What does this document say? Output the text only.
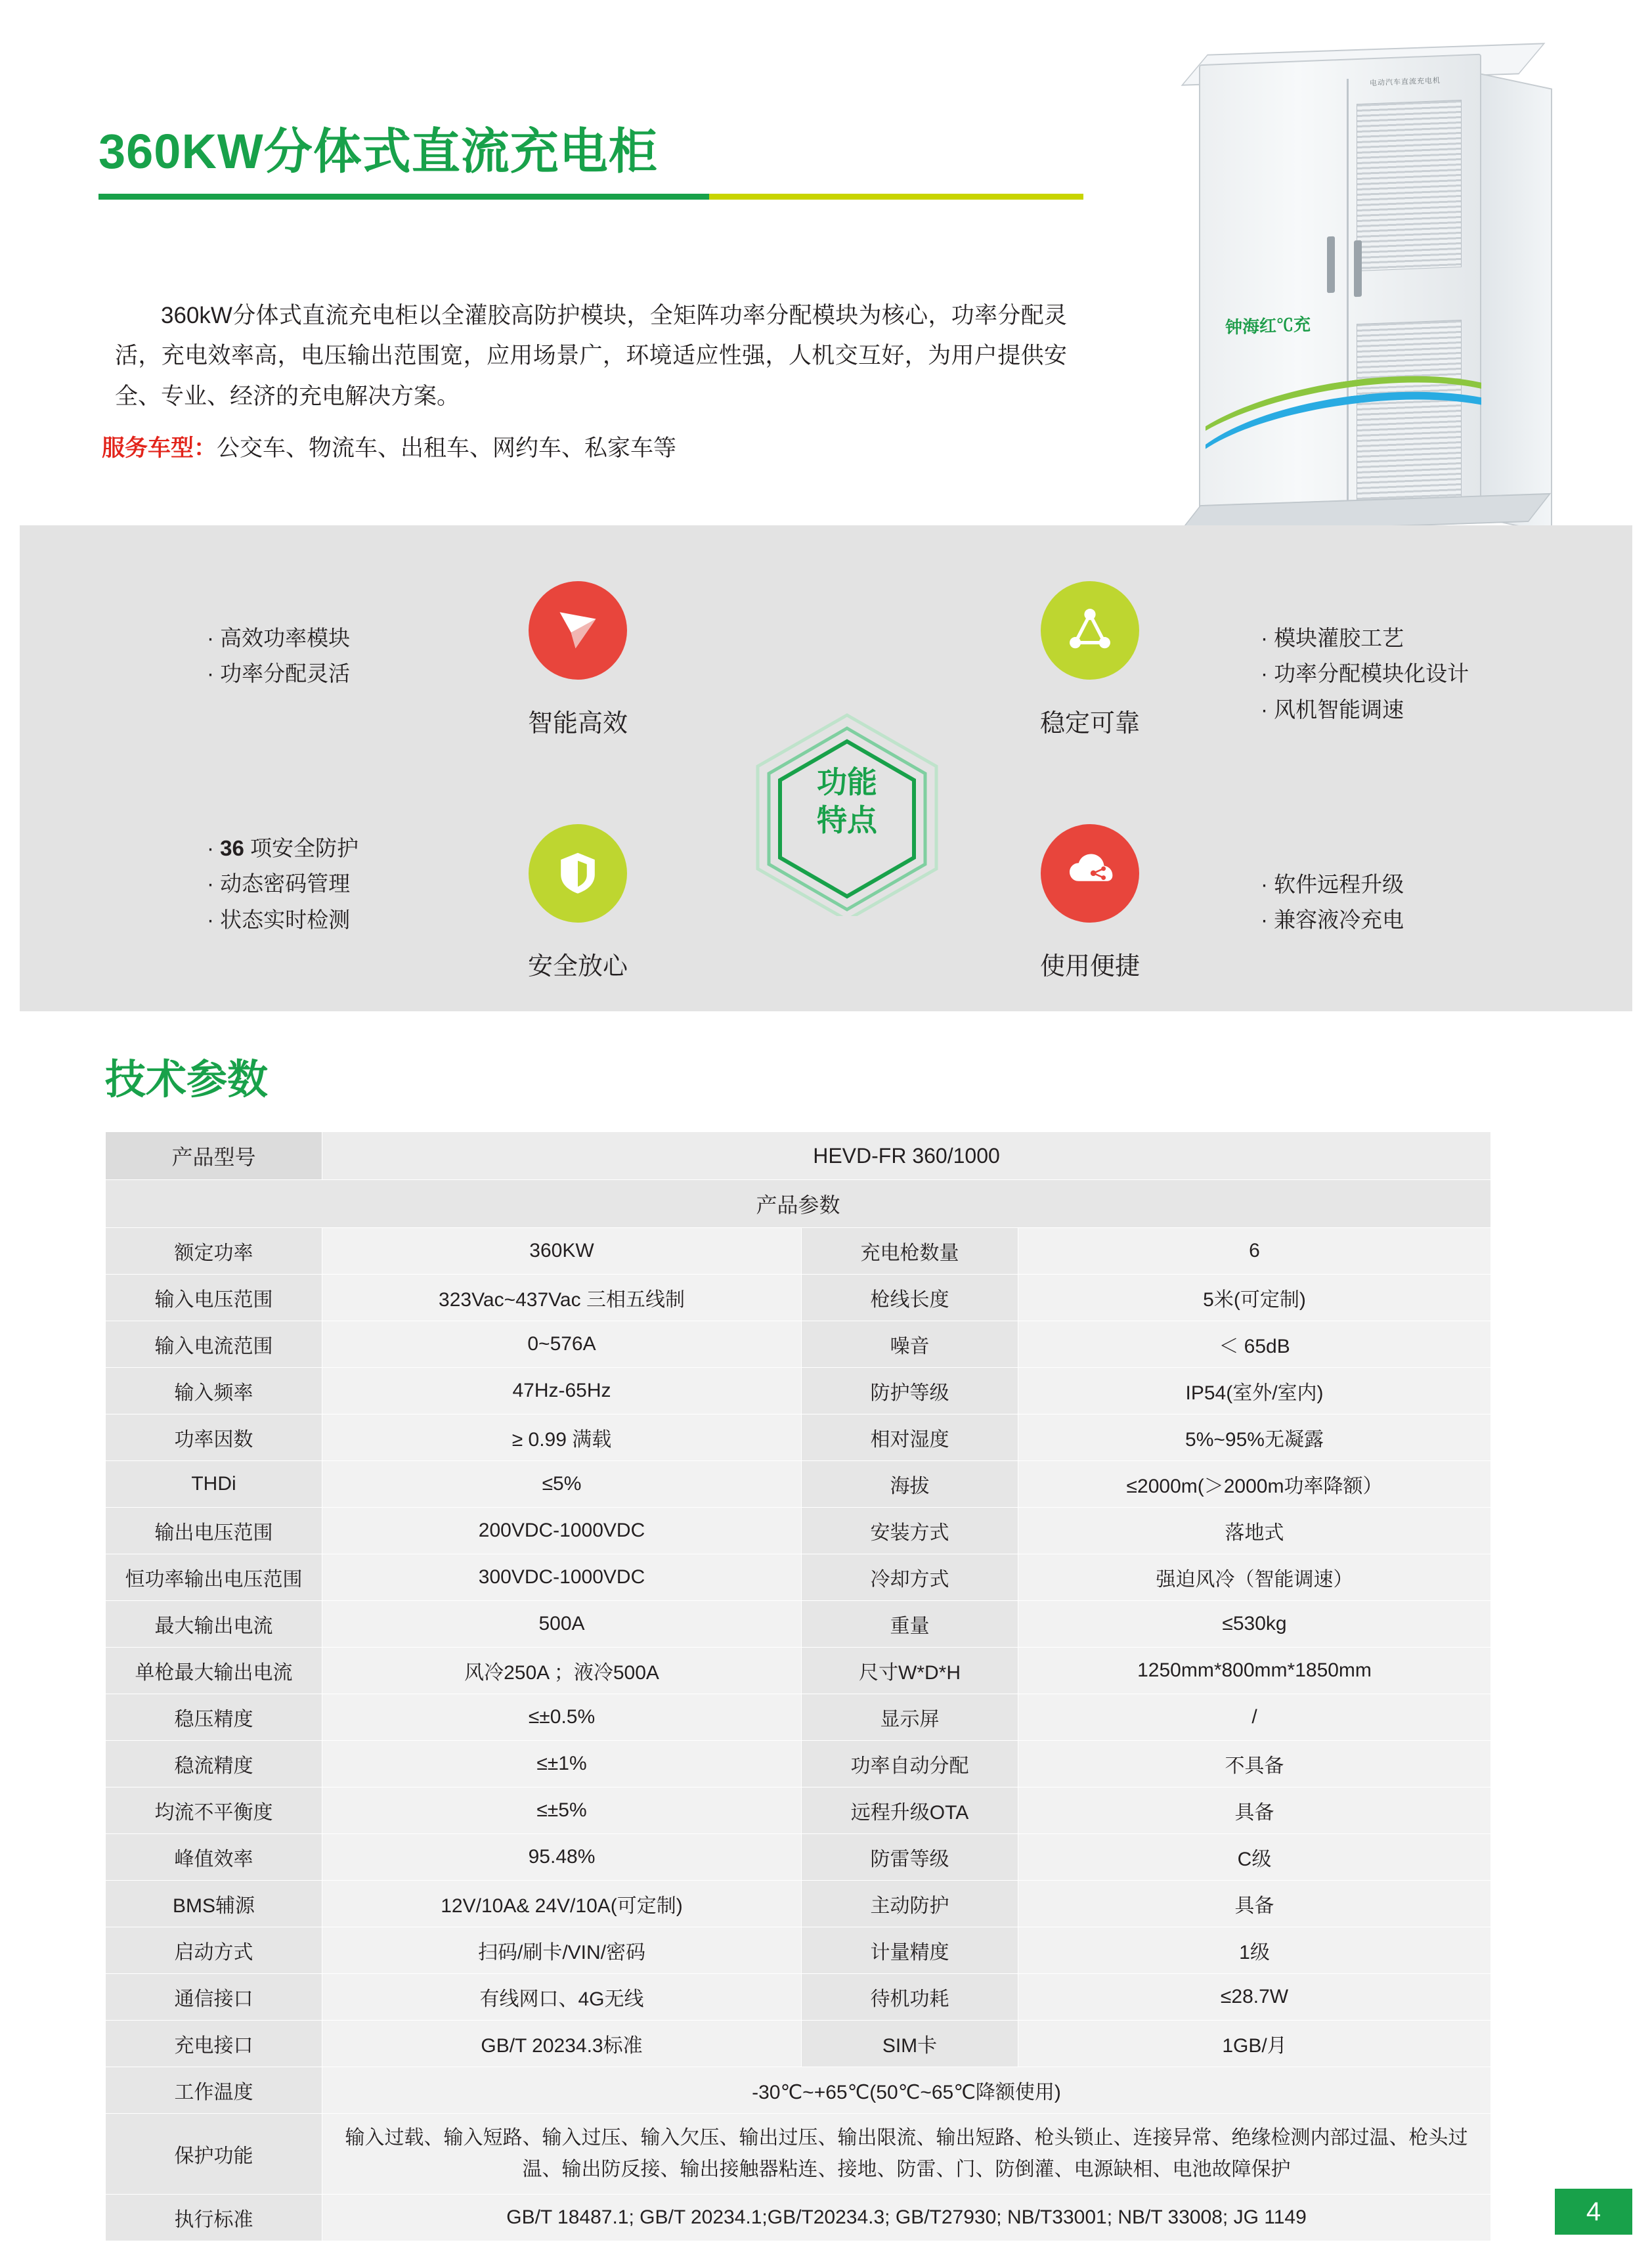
360KW分体式直流充电柜

360kW分体式直流充电柜以全灌胶高防护模块，全矩阵功率分配模块为核心，功率分配灵活，充电效率高，电压输出范围宽，应用场景广，环境适应性强，人机交互好，为用户提供安全、专业、经济的充电解决方案。

服务车型：公交车、物流车、出租车、网约车、私家车等
电动汽车直流充电机
钟海红℃充
· 高效功率模块
· 功率分配灵活
· 36 项安全防护
· 动态密码管理
· 状态实时检测
· 模块灌胶工艺
· 功率分配模块化设计
· 风机智能调速
· 软件远程升级
· 兼容液冷充电
智能高效	稳定可靠
安全放心	使用便捷
功能
特点
技术参数
产品型号	HEVD-FR 360/1000		
产品参数			
额定功率	360KW	充电枪数量	6
输入电压范围	323Vac~437Vac 三相五线制	枪线长度	5米(可定制)
输入电流范围	0~576A	噪音	＜ 65dB
输入频率	47Hz-65Hz	防护等级	IP54(室外/室内)
功率因数	≥ 0.99 满载	相对湿度	5%~95%无凝露
THDi	≤5%	海拔	≤2000m(＞2000m功率降额）
输出电压范围	200VDC-1000VDC	安装方式	落地式
恒功率输出电压范围	300VDC-1000VDC	冷却方式	强迫风冷（智能调速）
最大输出电流	500A	重量	≤530kg
单枪最大输出电流	风冷250A ；液冷500A	尺寸W*D*H	1250mm*800mm*1850mm
稳压精度	≤±0.5%	显示屏	/
稳流精度	≤±1%	功率自动分配	不具备
均流不平衡度	≤±5%	远程升级OTA	具备
峰值效率	95.48%	防雷等级	C级
BMS辅源	12V/10A& 24V/10A(可定制)	主动防护	具备
启动方式	扫码/刷卡/VIN/密码	计量精度	1级
通信接口	有线网口、4G无线	待机功耗	≤28.7W
充电接口	GB/T 20234.3标准	SIM卡	1GB/月
工作温度	-30℃~+65℃(50℃~65℃降额使用)		
保护功能	输入过载、输入短路、输入过压、输入欠压、输出过压、输出限流、输出短路、枪头锁止、连接异常、绝缘检测内部过温、枪头过温、输出防反接、输出接触器粘连、接地、防雷、门、防倒灌、电源缺相、电池故障保护		
执行标准	GB/T 18487.1; GB/T 20234.1;GB/T20234.3; GB/T27930; NB/T33001; NB/T 33008; JG 1149			4
